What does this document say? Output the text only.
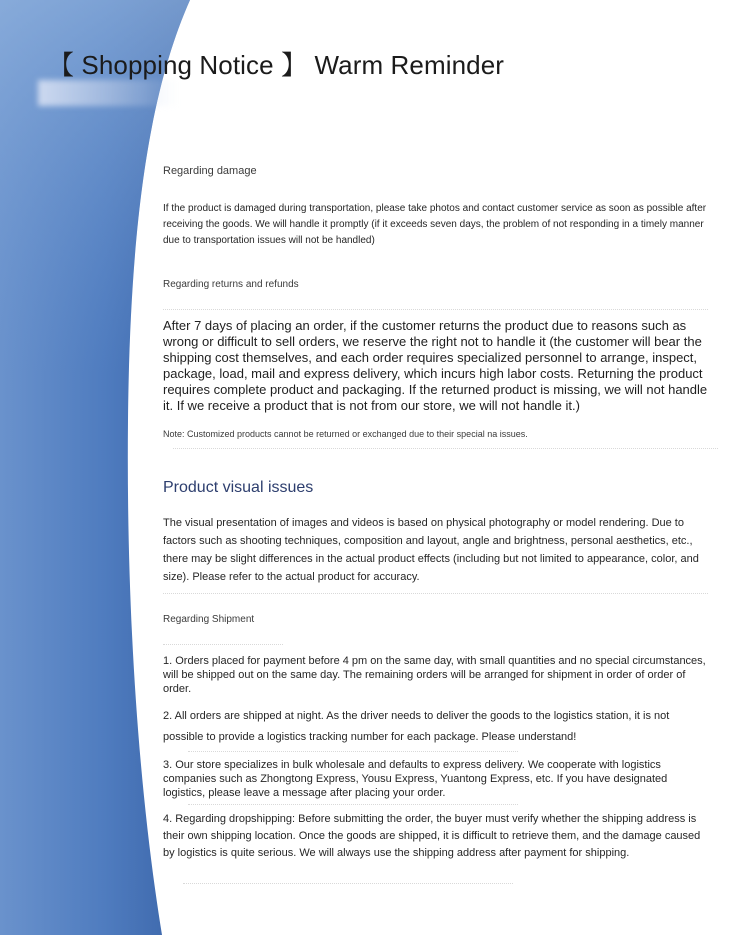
【 Shopping Notice 】 Warm Reminder
Regarding damage

If the product is damaged during transportation, please take photos and contact customer service as soon as possible after receiving the goods. We will handle it promptly (if it exceeds seven days, the problem of not responding in a timely manner due to transportation issues will not be handled)

Regarding returns and refunds

After 7 days of placing an order, if the customer returns the product due to reasons such as wrong or difficult to sell orders, we reserve the right not to handle it (the customer will bear the shipping cost themselves, and each order requires specialized personnel to arrange, inspect, package, load, mail and express delivery, which incurs high labor costs. Returning the product requires complete product and packaging. If the returned product is missing, we will not handle it. If we receive a product that is not from our store, we will not handle it.)

Note: Customized products cannot be returned or exchanged due to their special na issues.

Product visual issues

The visual presentation of images and videos is based on physical photography or model rendering. Due to factors such as shooting techniques, composition and layout, angle and brightness, personal aesthetics, etc., there may be slight differences in the actual product effects (including but not limited to appearance, color, and size). Please refer to the actual product for accuracy.

Regarding Shipment

1. Orders placed for payment before 4 pm on the same day, with small quantities and no special circumstances, will be shipped out on the same day. The remaining orders will be arranged for shipment in order of order of order.

2. All orders are shipped at night. As the driver needs to deliver the goods to the logistics station, it is not possible to provide a logistics tracking number for each package. Please understand!

3. Our store specializes in bulk wholesale and defaults to express delivery. We cooperate with logistics companies such as Zhongtong Express, Yousu Express, Yuantong Express, etc. If you have designated logistics, please leave a message after placing your order.

4. Regarding dropshipping: Before submitting the order, the buyer must verify whether the shipping address is their own shipping location. Once the goods are shipped, it is difficult to retrieve them, and the damage caused by logistics is quite serious. We will always use the shipping address after payment for shipping.
